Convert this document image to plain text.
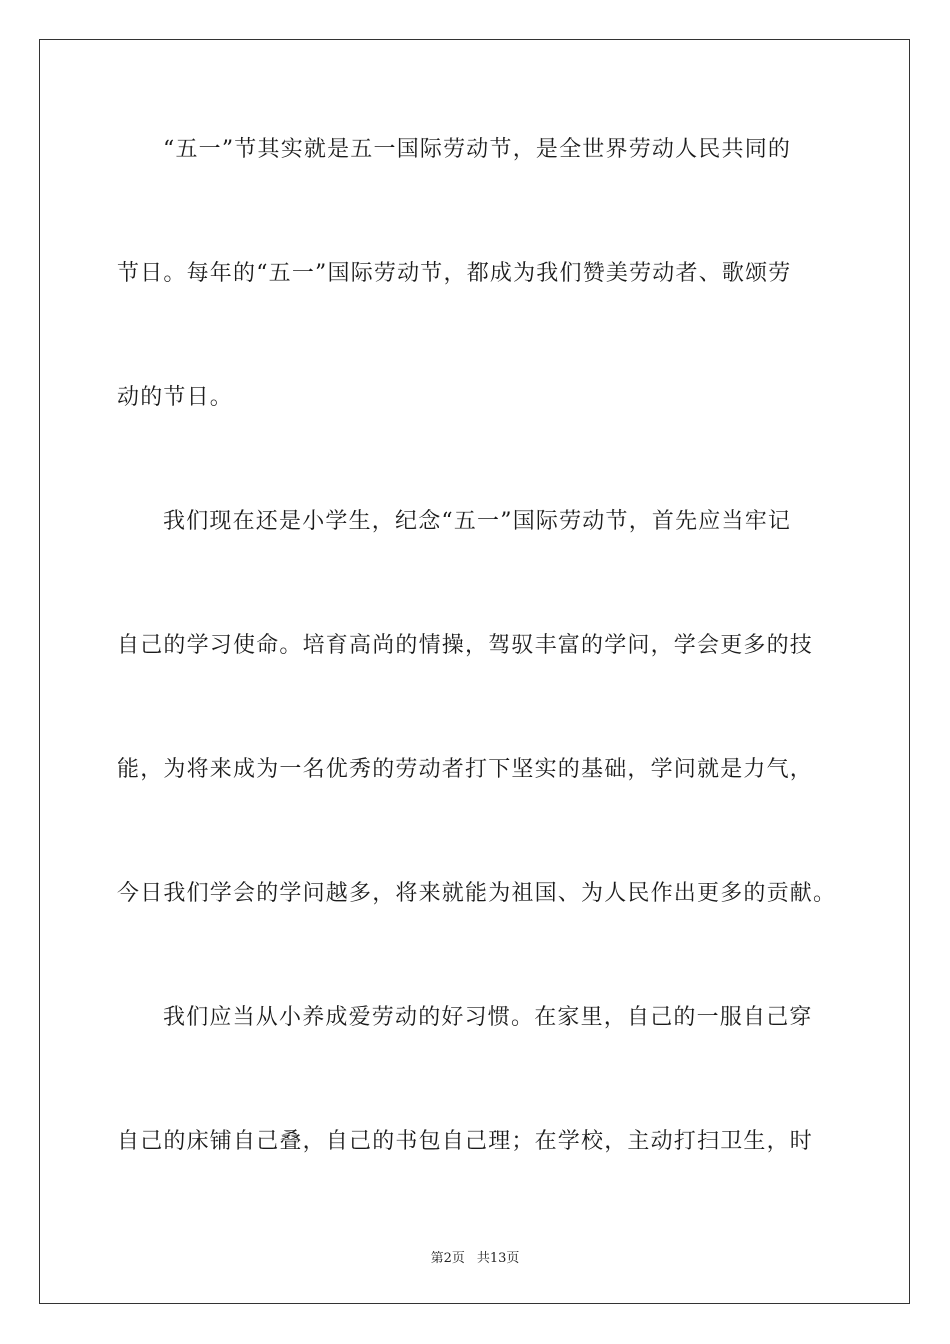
“五一”节其实就是五一国际劳动节，是全世界劳动人民共同的
节日。每年的“五一”国际劳动节，都成为我们赞美劳动者、歌颂劳
动的节日。
我们现在还是小学生，纪念“五一”国际劳动节，首先应当牢记
自己的学习使命。培育高尚的情操，驾驭丰富的学问，学会更多的技
能，为将来成为一名优秀的劳动者打下坚实的基础，学问就是力气，
今日我们学会的学问越多，将来就能为祖国、为人民作出更多的贡献。
我们应当从小养成爱劳动的好习惯。在家里，自己的一服自己穿
自己的床铺自己叠，自己的书包自己理；在学校，主动打扫卫生，时
第2页 共13页
